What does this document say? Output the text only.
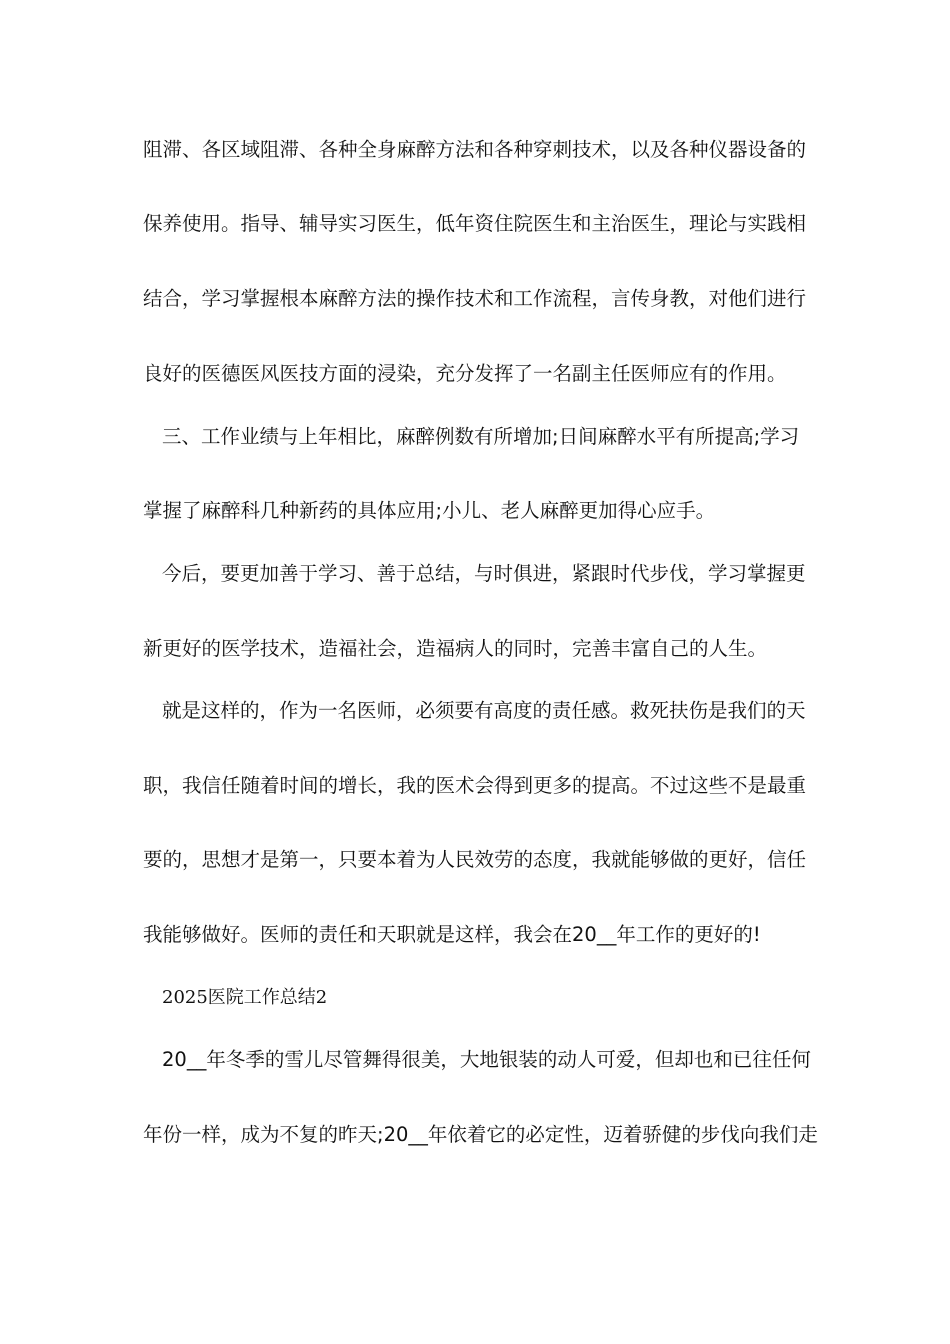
阻滞、各区域阻滞、各种全身麻醉方法和各种穿刺技术，以及各种仪器设备的
保养使用。指导、辅导实习医生，低年资住院医生和主治医生，理论与实践相
结合，学习掌握根本麻醉方法的操作技术和工作流程，言传身教，对他们进行
良好的医德医风医技方面的浸染，充分发挥了一名副主任医师应有的作用。
三、工作业绩与上年相比，麻醉例数有所增加;日间麻醉水平有所提高;学习
掌握了麻醉科几种新药的具体应用;小儿、老人麻醉更加得心应手。
今后，要更加善于学习、善于总结，与时俱进，紧跟时代步伐，学习掌握更
新更好的医学技术，造福社会，造福病人的同时，完善丰富自己的人生。
就是这样的，作为一名医师，必须要有高度的责任感。救死扶伤是我们的天
职，我信任随着时间的增长，我的医术会得到更多的提高。不过这些不是最重
要的，思想才是第一，只要本着为人民效劳的态度，我就能够做的更好，信任
我能够做好。医师的责任和天职就是这样，我会在20__年工作的更好的!
2025医院工作总结2
20__年冬季的雪儿尽管舞得很美，大地银装的动人可爱，但却也和已往任何
年份一样，成为不复的昨天;20__年依着它的必定性，迈着骄健的步伐向我们走
